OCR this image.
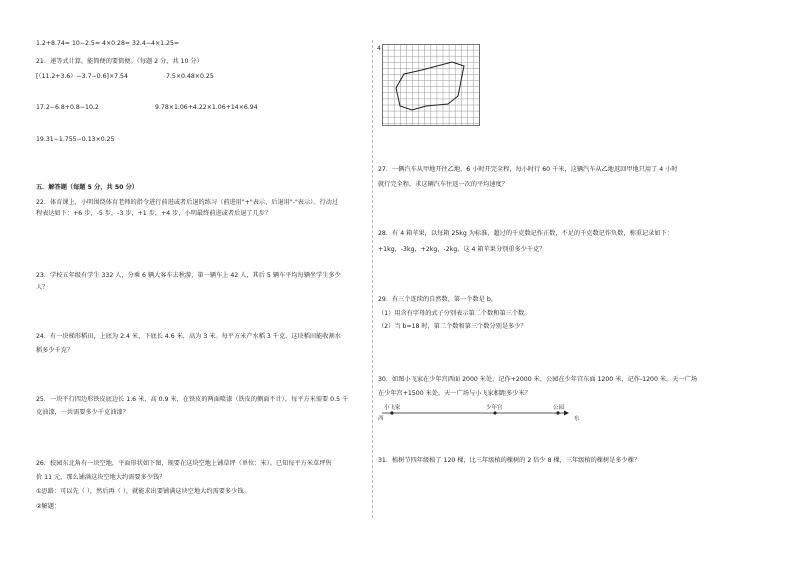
1.2+8.74= 10−2.5= 4×0.28= 32.4−4×1.25=
21．递等式计算，能简便的要简便。（每题 2 分，共 10 分）
[（11.2+3.6）−3.7−0.6]×7.54	7.5×0.48×0.25
17.2−6.8+0.8−10.2	9.78×1.06+4.22×1.06+14×6.94
19.31−1.755−0.13×0.25
五．解答题（每题 5 分，共 50 分）
22．体育课上，小明围绕体育老师的指令进行前进或者后退的练习（前进用"+"表示，后退用"-"表示）。行动过
程表达如下：+6 步，-5 步，-3 步，+1 步，+4 步，小明最终前进或者后退了几步？
23．学校五年级有学生 332 人，分乘 6 辆大客车去秋游，第一辆车上 42 人，其后 5 辆车平均每辆坐学生多少
人？
24．有一块梯形稻田，上底为 2.4 米，下底长 4.6 米，高为 3 米。每平方米产水稻 3 千克，这块稻田能收割水
稻多少千克？
25．一块平行四边形铁皮底边长 1.6 米，高 0.9 米，在铁皮的两面喷漆（铁皮的侧面不计），每平方米需要 0.5 千
克油漆，一共需要多少千克油漆？
26．校园东北角有一块空地，平面形状如下图，现要在这块空地上铺草坪（单位：米）。已知每平方米草坪售
价 11 元，那么铺满这块空地大约需要多少钱？
①思路：可以先（ ），然后再（ ），就能求出要铺满这块空地大约需要多少钱。
②解题：
4
27．一辆汽车从甲地开往乙地，6 小时开完全程，每小时行 60 千米，这辆汽车从乙地返回甲地只用了 4 小时
就行完全程，求这辆汽车往返一次的平均速度？
28．有 4 箱苹果，以每箱 25kg 为标准，超过的千克数记作正数，不足的千克数记作负数，称重记录如下：
+1kg，-3kg，+2kg，-2kg，这 4 箱苹果分别重多少千克？
29．有三个连续的自然数，第一个数是 b。
（1）用含有字母的式子分别表示第二个数和第三个数。
（2）当 b=18 时，第二个数和第三个数分别是多少？
30．如图小飞家在少年宫西面 2000 米处，记作+2000 米，公园在少年宫东面 1200 米，记作-1200 米。天一广场
在少年宫+1500 米处，天一广场与小飞家相距多少米？
小飞家	少年宫	公园
西	东
31．植树节四年级植了 120 棵，比三年级植的棵树的 2 倍少 8 棵，三年级植的棵树是多少棵？
